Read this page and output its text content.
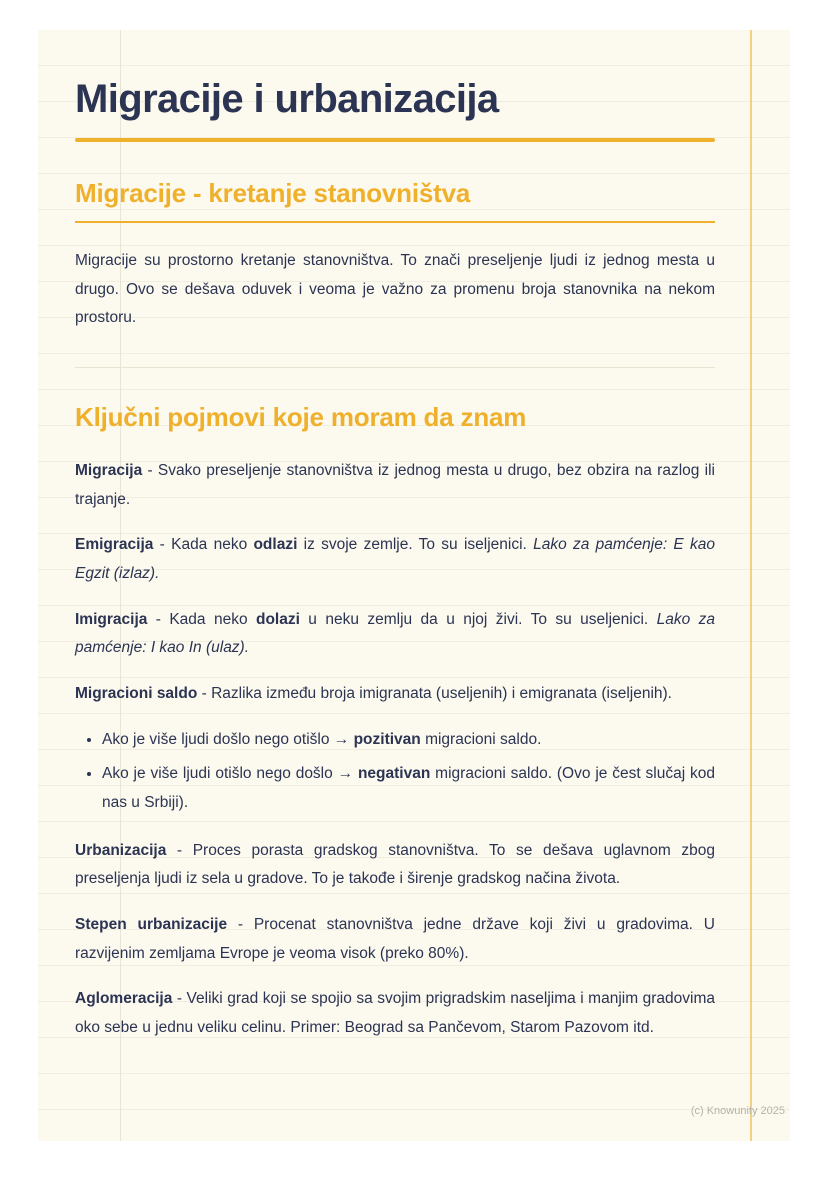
Migracije i urbanizacija
Migracije - kretanje stanovništva

Migracije su prostorno kretanje stanovništva. To znači preseljenje ljudi iz jednog mesta u drugo. Ovo se dešava oduvek i veoma je važno za promenu broja stanovnika na nekom prostoru.

Ključni pojmovi koje moram da znam

Migracija - Svako preseljenje stanovništva iz jednog mesta u drugo, bez obzira na razlog ili trajanje.

Emigracija - Kada neko odlazi iz svoje zemlje. To su iseljenici. Lako za pamćenje: E kao Egzit (izlaz).

Imigracija - Kada neko dolazi u neku zemlju da u njoj živi. To su useljenici. Lako za pamćenje: I kao In (ulaz).

Migracioni saldo - Razlika između broja imigranata (useljenih) i emigranata (iseljenih).

• Ako je više ljudi došlo nego otišlo → pozitivan migracioni saldo.
• Ako je više ljudi otišlo nego došlo → negativan migracioni saldo. (Ovo je čest slučaj kod nas u Srbiji).

Urbanizacija - Proces porasta gradskog stanovništva. To se dešava uglavnom zbog preseljenja ljudi iz sela u gradove. To je takođe i širenje gradskog načina života.

Stepen urbanizacije - Procenat stanovništva jedne države koji živi u gradovima. U razvijenim zemljama Evrope je veoma visok (preko 80%).

Aglomeracija - Veliki grad koji se spojio sa svojim prigradskim naseljima i manjim gradovima oko sebe u jednu veliku celinu. Primer: Beograd sa Pančevom, Starom Pazovom itd.

(c) Knowunity 2025
